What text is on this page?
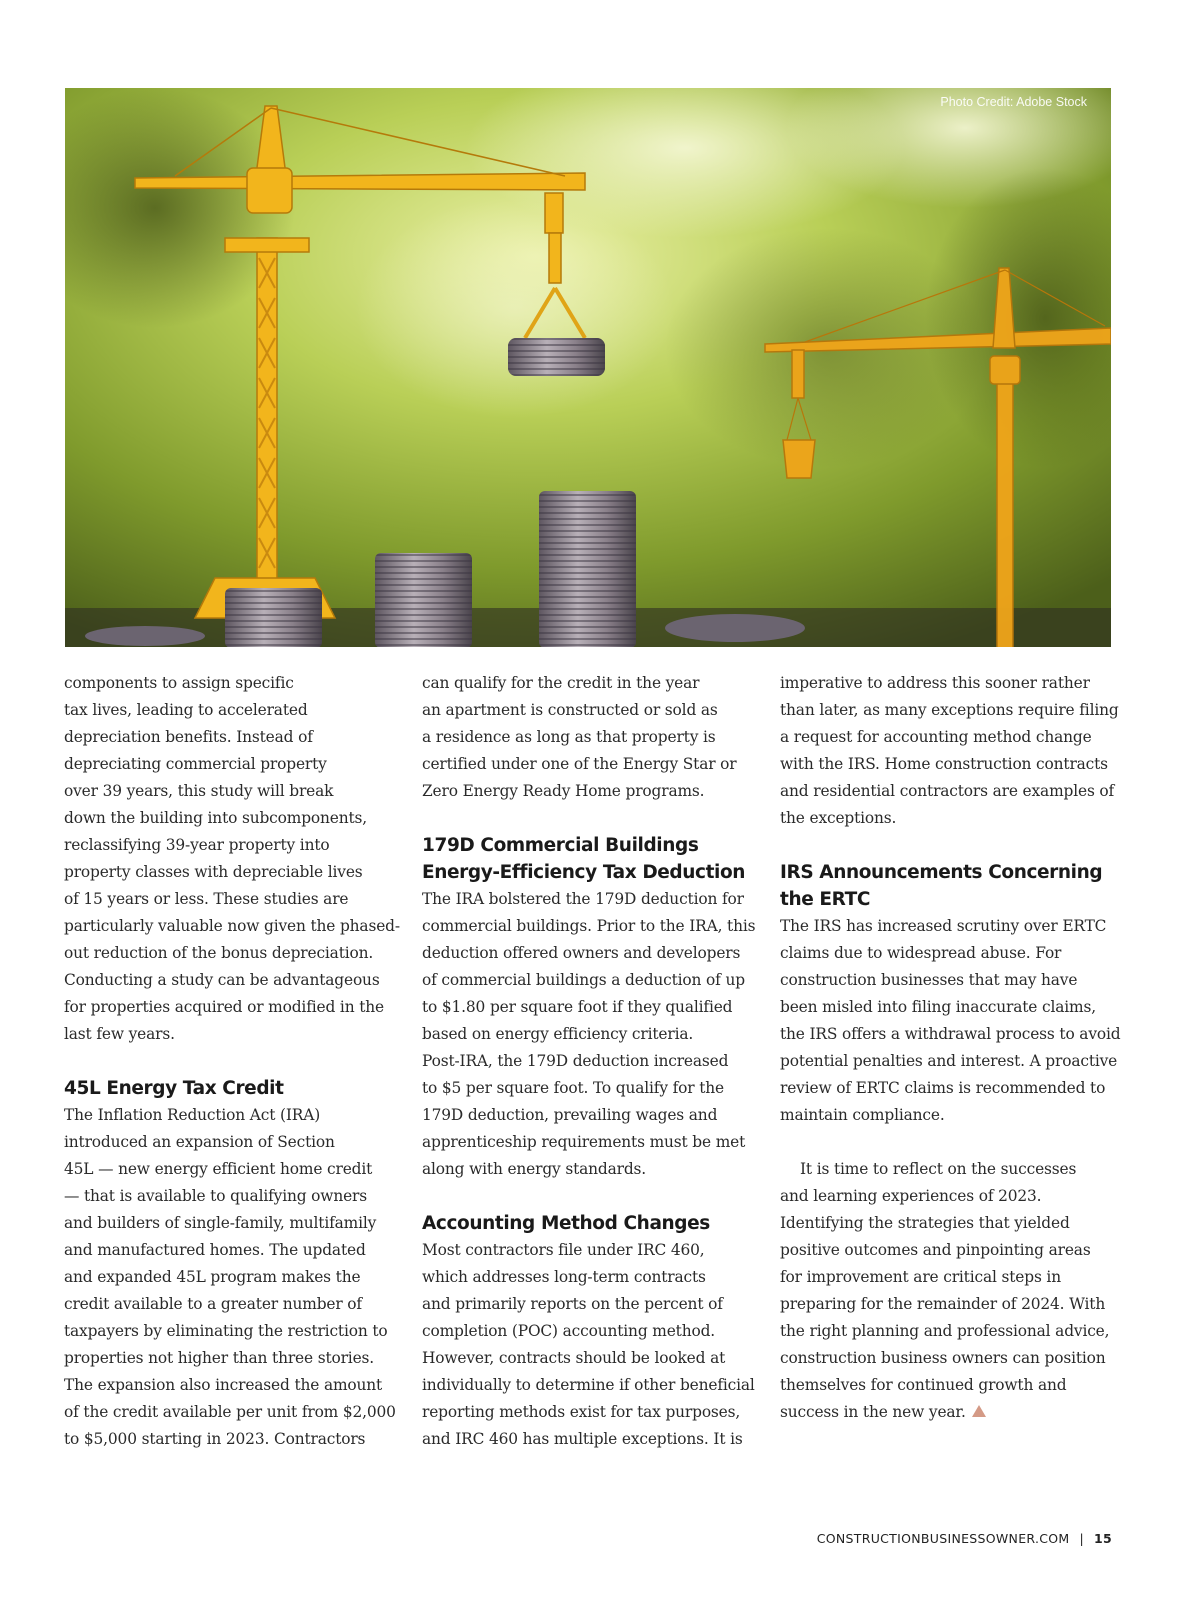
Photo Credit: Adobe Stock
components to assign specific
tax lives, leading to accelerated
depreciation benefits. Instead of
depreciating commercial property
over 39 years, this study will break
down the building into subcomponents,
reclassifying 39-year property into
property classes with depreciable lives
of 15 years or less. These studies are
particularly valuable now given the phased-
out reduction of the bonus depreciation.
Conducting a study can be advantageous
for properties acquired or modified in the
last few years.
45L Energy Tax Credit
The Inflation Reduction Act (IRA)
introduced an expansion of Section
45L — new energy efficient home credit
— that is available to qualifying owners
and builders of single-family, multifamily
and manufactured homes. The updated
and expanded 45L program makes the
credit available to a greater number of
taxpayers by eliminating the restriction to
properties not higher than three stories.
The expansion also increased the amount
of the credit available per unit from $2,000
to $5,000 starting in 2023. Contractors
can qualify for the credit in the year
an apartment is constructed or sold as
a residence as long as that property is
certified under one of the Energy Star or
Zero Energy Ready Home programs.
179D Commercial Buildings
Energy-Efficiency Tax Deduction
The IRA bolstered the 179D deduction for
commercial buildings. Prior to the IRA, this
deduction offered owners and developers
of commercial buildings a deduction of up
to $1.80 per square foot if they qualified
based on energy efficiency criteria.
Post-IRA, the 179D deduction increased
to $5 per square foot. To qualify for the
179D deduction, prevailing wages and
apprenticeship requirements must be met
along with energy standards.
Accounting Method Changes
Most contractors file under IRC 460,
which addresses long-term contracts
and primarily reports on the percent of
completion (POC) accounting method.
However, contracts should be looked at
individually to determine if other beneficial
reporting methods exist for tax purposes,
and IRC 460 has multiple exceptions. It is
imperative to address this sooner rather
than later, as many exceptions require filing
a request for accounting method change
with the IRS. Home construction contracts
and residential contractors are examples of
the exceptions.
IRS Announcements Concerning
the ERTC
The IRS has increased scrutiny over ERTC
claims due to widespread abuse. For
construction businesses that may have
been misled into filing inaccurate claims,
the IRS offers a withdrawal process to avoid
potential penalties and interest. A proactive
review of ERTC claims is recommended to
maintain compliance.
It is time to reflect on the successes
and learning experiences of 2023.
Identifying the strategies that yielded
positive outcomes and pinpointing areas
for improvement are critical steps in
preparing for the remainder of 2024. With
the right planning and professional advice,
construction business owners can position
themselves for continued growth and
success in the new year.
CONSTRUCTIONBUSINESSOWNER.COM | 15
